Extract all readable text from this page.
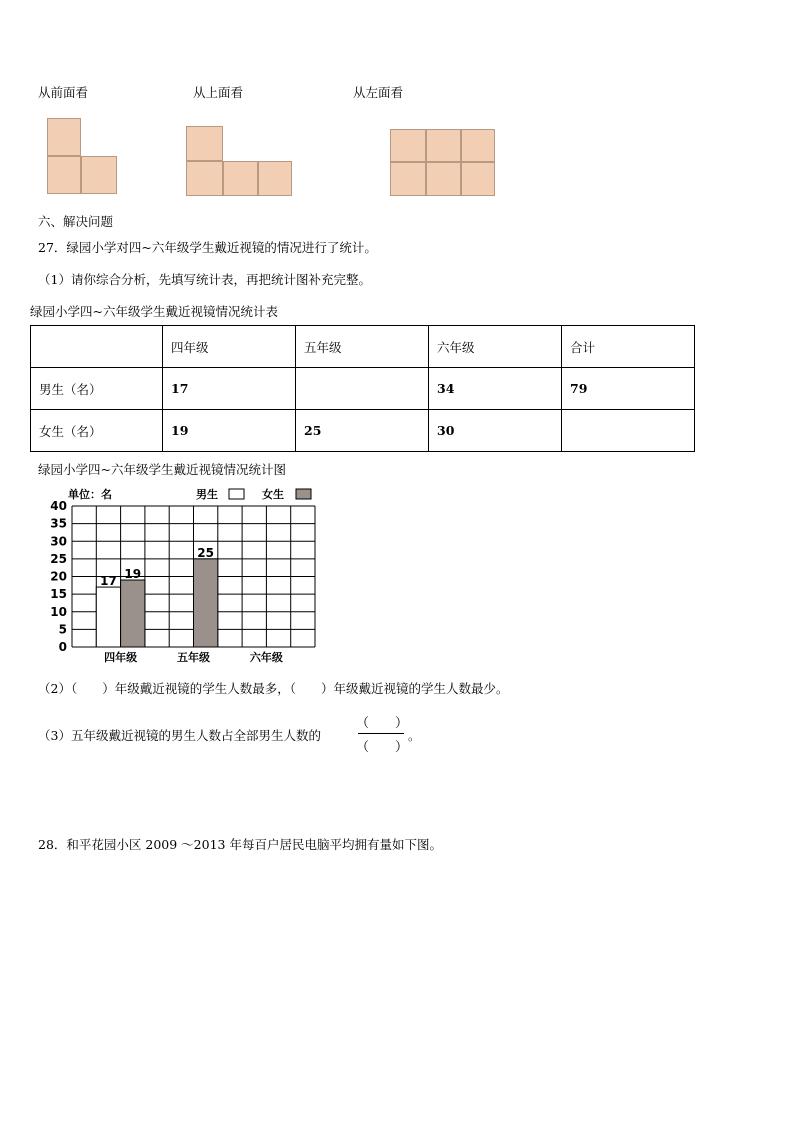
从前面看	从上面看	从左面看
六、解决问题
27．绿园小学对四~六年级学生戴近视镜的情况进行了统计。
（1）请你综合分析，先填写统计表，再把统计图补充完整。
绿园小学四~六年级学生戴近视镜情况统计表
	四年级	五年级	六年级	合计
男生（名）	17		34	79
女生（名）	19	25	30	
绿园小学四~六年级学生戴近视镜情况统计图
0
5
10
15
20
25
30
35
40
四年级	五年级	六年级
17
19
25
单位：名	男生	女生
（2）（　　）年级戴近视镜的学生人数最多，（　　）年级戴近视镜的学生人数最少。
（3）五年级戴近视镜的男生人数占全部男生人数的
（　　）
（　　）
。
28．和平花园小区 2009 ～2013 年每百户居民电脑平均拥有量如下图。
